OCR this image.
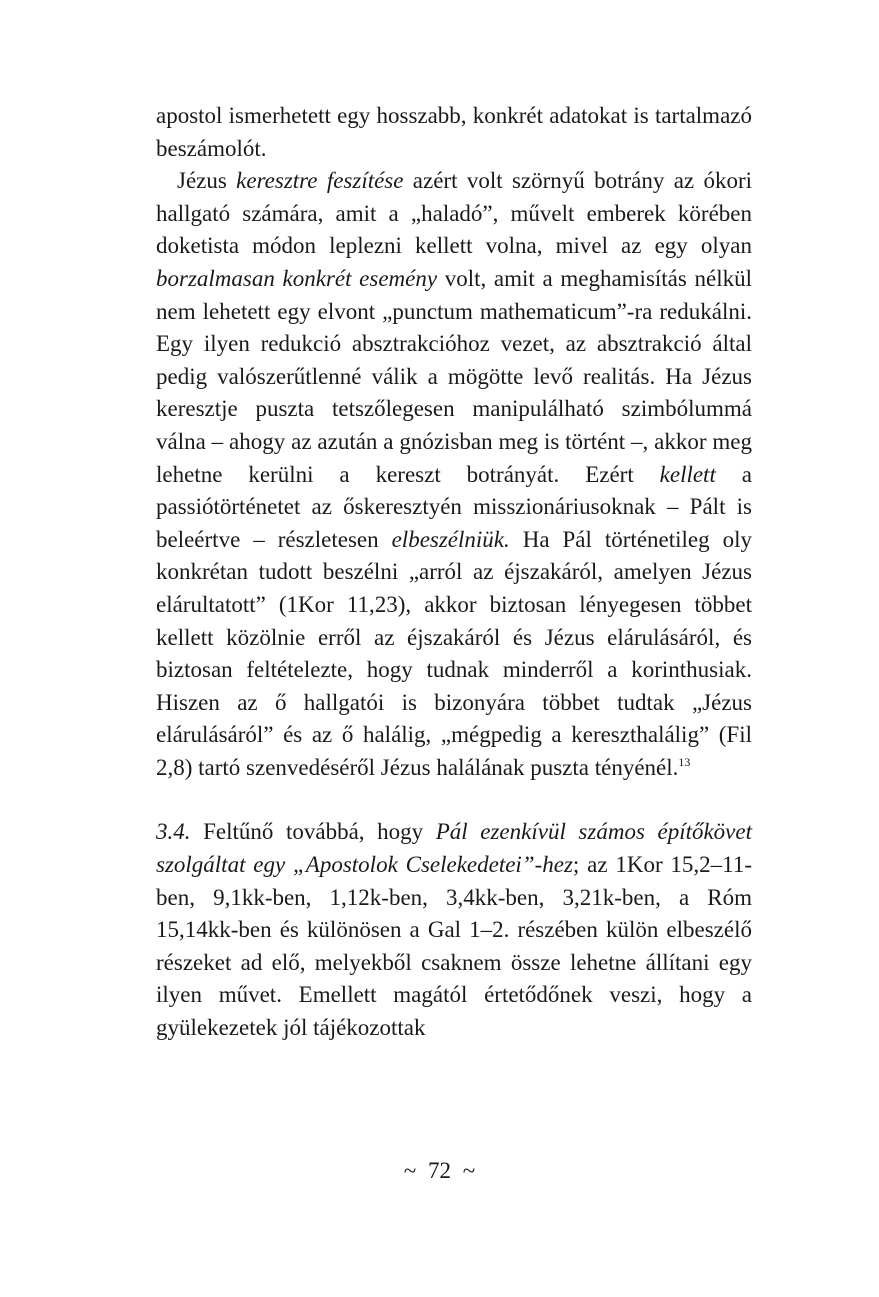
apostol ismerhetett egy hosszabb, konkrét adatokat is tartalmazó beszámolót.

Jézus keresztre feszítése azért volt szörnyű botrány az ókori hallgató számára, amit a „haladó”, művelt emberek körében doketista módon leplezni kellett volna, mivel az egy olyan borzalmasan konkrét esemény volt, amit a meghamisítás nélkül nem lehetett egy elvont „punctum mathematicum”-ra redukálni. Egy ilyen redukció absztrakcióhoz vezet, az absztrakció által pedig valószerűtlenné válik a mögötte levő realitás. Ha Jézus keresztje puszta tetszőlegesen manipulálható szimbólummá válna – ahogy az azután a gnózisban meg is történt –, akkor meg lehetne kerülni a kereszt botrányát. Ezért kellett a passiótörténetet az őskeresztyén misszionáriusoknak – Pált is beleértve – részletesen elbeszélniük. Ha Pál történetileg oly konkrétan tudott beszélni „arról az éjszakáról, amelyen Jézus elárultatott” (1Kor 11,23), akkor biztosan lényegesen többet kellett közölnie erről az éjszakáról és Jézus elárulásáról, és biztosan feltételezte, hogy tudnak minderről a korinthusiak. Hiszen az ő hallgatói is bizonyára többet tudtak „Jézus elárulásáról” és az ő halálig, „mégpedig a kereszthalálig” (Fil 2,8) tartó szenvedéséről Jézus halálának puszta tényénél.$^{13}$

3.4. Feltűnő továbbá, hogy Pál ezenkívül számos építőkövet szolgáltat egy „Apostolok Cselekedetei”-hez; az 1Kor 15,2–11-ben, 9,1kk-ben, 1,12k-ben, 3,4kk-ben, 3,21k-ben, a Róm 15,14kk-ben és különösen a Gal 1–2. részében külön elbeszélő részeket ad elő, melyekből csaknem össze lehetne állítani egy ilyen művet. Emellett magától értetődőnek veszi, hogy a gyülekezetek jól tájékozottak

~ 72 ~
